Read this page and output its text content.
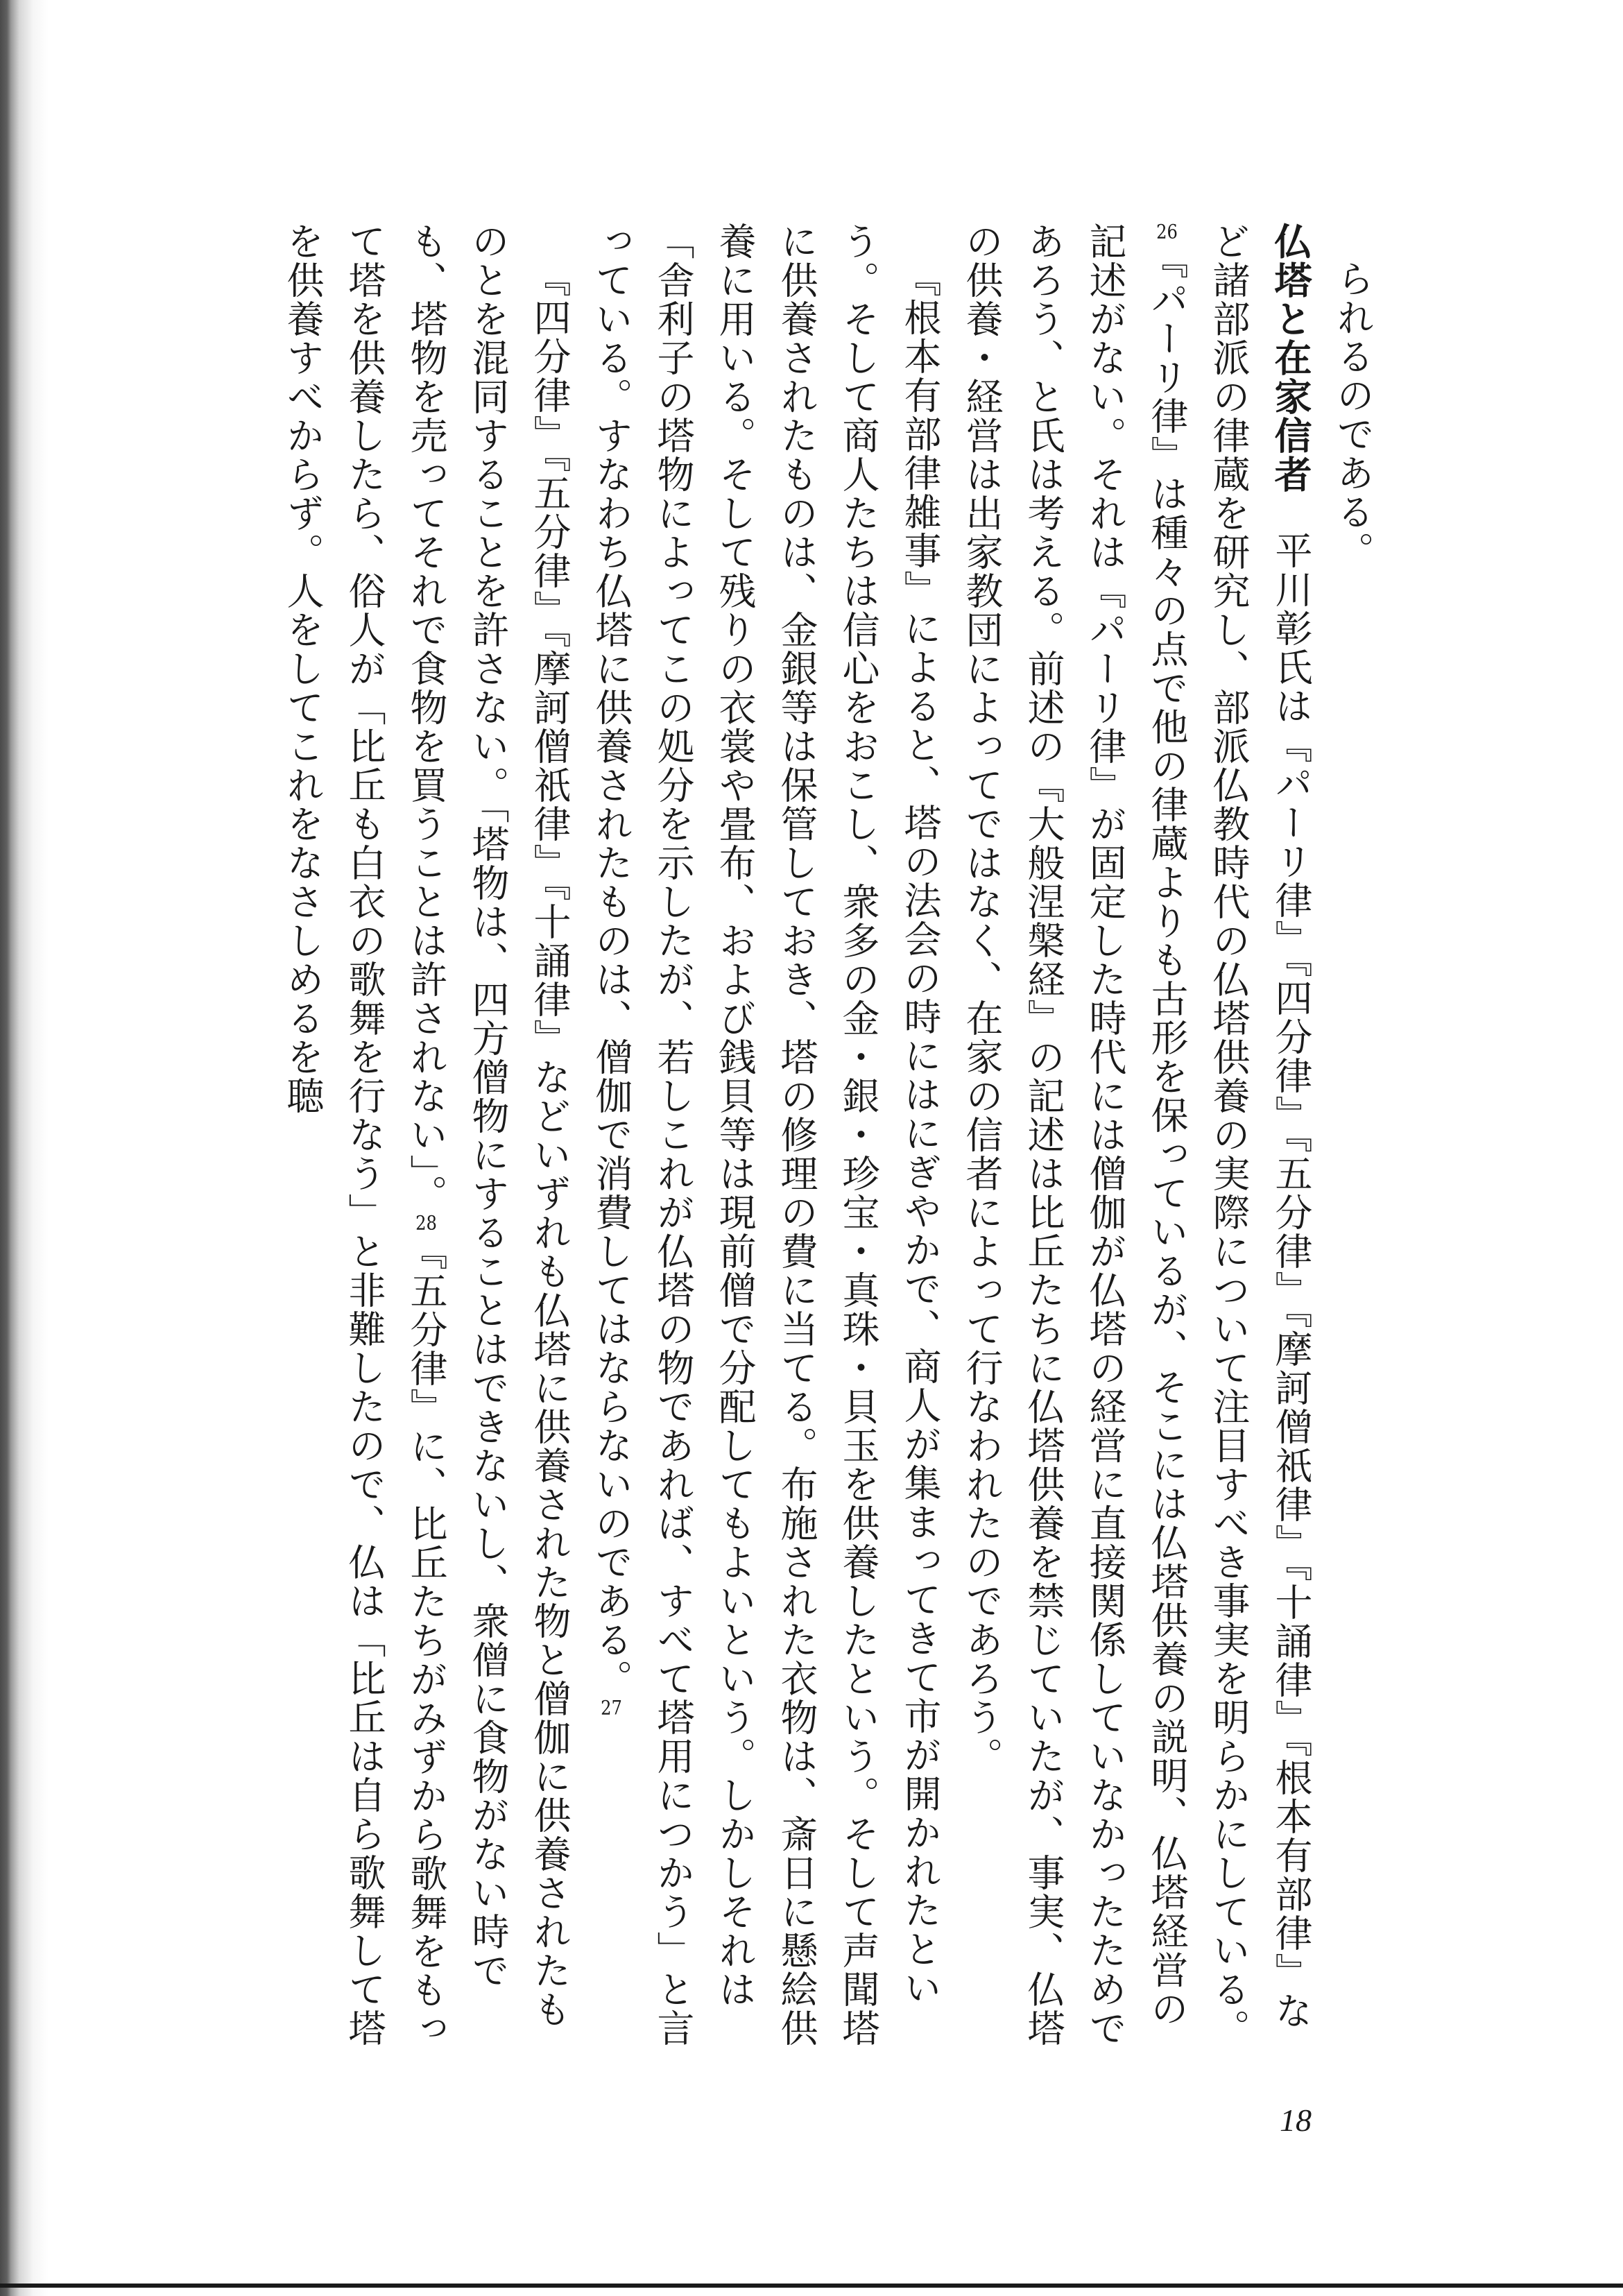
られるのである。

仏塔と在家信者平川彰氏は『パーリ律』『四分律』『五分律』『摩訶僧祇律』『十誦律』『根本有部律』など諸部派の律蔵を研究し、部派仏教時代の仏塔供養の実際について注目すべき事実を明らかにしている。26『パーリ律』は種々の点で他の律蔵よりも古形を保っているが、そこには仏塔供養の説明、仏塔経営の記述がない。それは『パーリ律』が固定した時代には僧伽が仏塔の経営に直接関係していなかったためであろう、と氏は考える。前述の『大般涅槃経』の記述は比丘たちに仏塔供養を禁じていたが、事実、仏塔の供養・経営は出家教団によってではなく、在家の信者によって行なわれたのであろう。

『根本有部律雑事』によると、塔の法会の時にはにぎやかで、商人が集まってきて市が開かれたという。そして商人たちは信心をおこし、衆多の金・銀・珍宝・真珠・貝玉を供養したという。そして声聞塔に供養されたものは、金銀等は保管しておき、塔の修理の費に当てる。布施された衣物は、斎日に懸絵供養に用いる。そして残りの衣裳や畳布、および銭貝等は現前僧で分配してもよいという。しかしそれは「舎利子の塔物によってこの処分を示したが、若しこれが仏塔の物であれば、すべて塔用につかう」と言っている。すなわち仏塔に供養されたものは、僧伽で消費してはならないのである。27

『四分律』『五分律』『摩訶僧祇律』『十誦律』などいずれも仏塔に供養された物と僧伽に供養されたものとを混同することを許さない。「塔物は、四方僧物にすることはできないし、衆僧に食物がない時でも、塔物を売ってそれで食物を買うことは許されない」。28『五分律』に、比丘たちがみずから歌舞をもって塔を供養したら、俗人が「比丘も白衣の歌舞を行なう」と非難したので、仏は「比丘は自ら歌舞して塔を供養すべからず。人をしてこれをなさしめるを聴

18
